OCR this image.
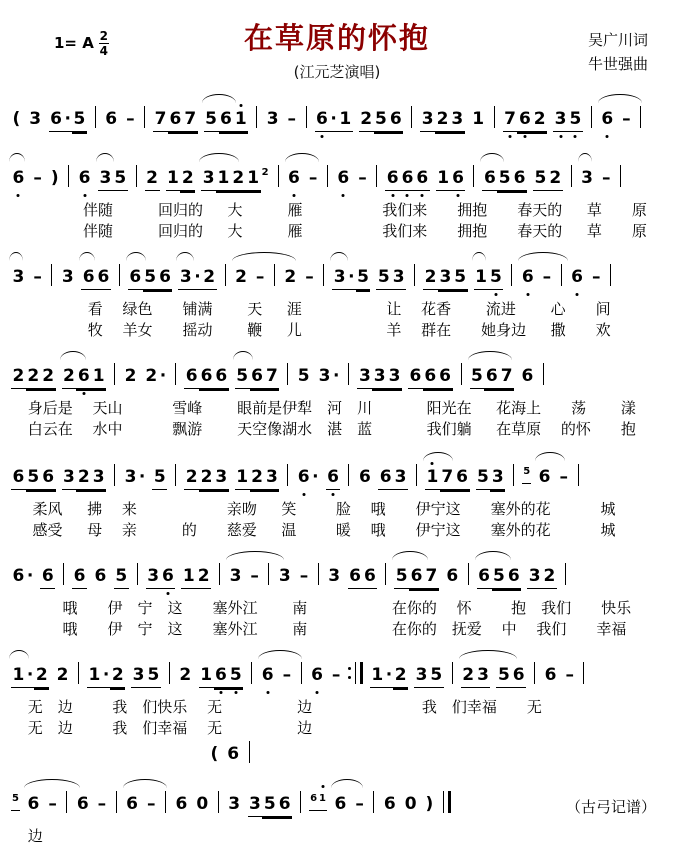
1= A $\frac{2}{4}$	在草原的怀抱
(江元芝演唱)
吴广川词
牛世强曲
( 3 6 · 5 6 – 7 6 7 5 6 1 3 – 6 · 1 2 5 6 3 2 3 1 7 6 2 3 5 6 –
6 – ) 6 3 5 2 1 2 3 1 2 1 2 6 – 6 – 6 6 6 1 6 6 5 6 5 2 3 –
　　　　　伴随　　　回归的　  大　　　雁　　　　　 我们来　　拥抱　　春天的　  草　　原
　　　　　伴随　　　回归的　  大　　　雁　　　　　 我们来　　拥抱　　春天的　  草　　原
3 – 3 6 6 6 5 6 3 · 2 2 – 2 – 3 · 5 5 3 2 3 5 1 5 6 – 6 –
　　　　　 看　 绿色　　铺满　　 天　  涯　　　　　  让　 花香　　 流进　　 心　　间
　　　　　 牧　 羊女　　摇动　　 鞭　  儿　　　　　  羊　 群在　　她身边　  撒　　欢
2 2 2 2 6 1 2 2 · 6 6 6 5 6 7 5 3 · 3 3 3 6 6 6 5 6 7 6
　 身后是　 天山　　　 雪峰　　 眼前是伊犁　河　川　　　  阳光在　  花海上　　荡　　 漾
　 白云在　 水中　　　 飘游　　 天空像湖水　湛　蓝　　　  我们躺　  在草原　 的怀　　抱
6 5 6 3 2 3 3 · 5 2 2 3 1 2 3 6 · 6 6 6 3 1 7 6 5 3 5 6 –
　  柔风　  拂　 来　　　　　　亲吻　  笑　　  脸　 哦　　伊宁这　　塞外的花　　　 城
　  感受　  母　 亲　　　的　　慈爱　  温　　  暖　 哦　　伊宁这　　塞外的花　　　 城
6 · 6 6 6 5 3 6 1 2 3 – 3 – 3 6 6 5 6 7 6 6 5 6 3 2
　　　  哦　　伊　宁　这　　塞外江　　 南　　　　　  在你的　 怀　　  抱　我们　　快乐
　　　  哦　　伊　宁　这　　塞外江　　 南　　　　　  在你的　抚爱　 中　 我们　　幸福
1 · 2 2 1 · 2 3 5 2 1 6 5 6 – 6 – 1 · 2 3 5 2 3 5 6 6 –
　 无　边　　  我　们快乐　 无　　　　　边　　　　　　　 我　们幸福　　无
　 无　边　　  我　们幸福　 无　　　　　边
( 6
5 6 – 6 – 6 – 6 0 3 3 5 6 6 1 6 – 6 0 )	（古弓记谱）
　 边
